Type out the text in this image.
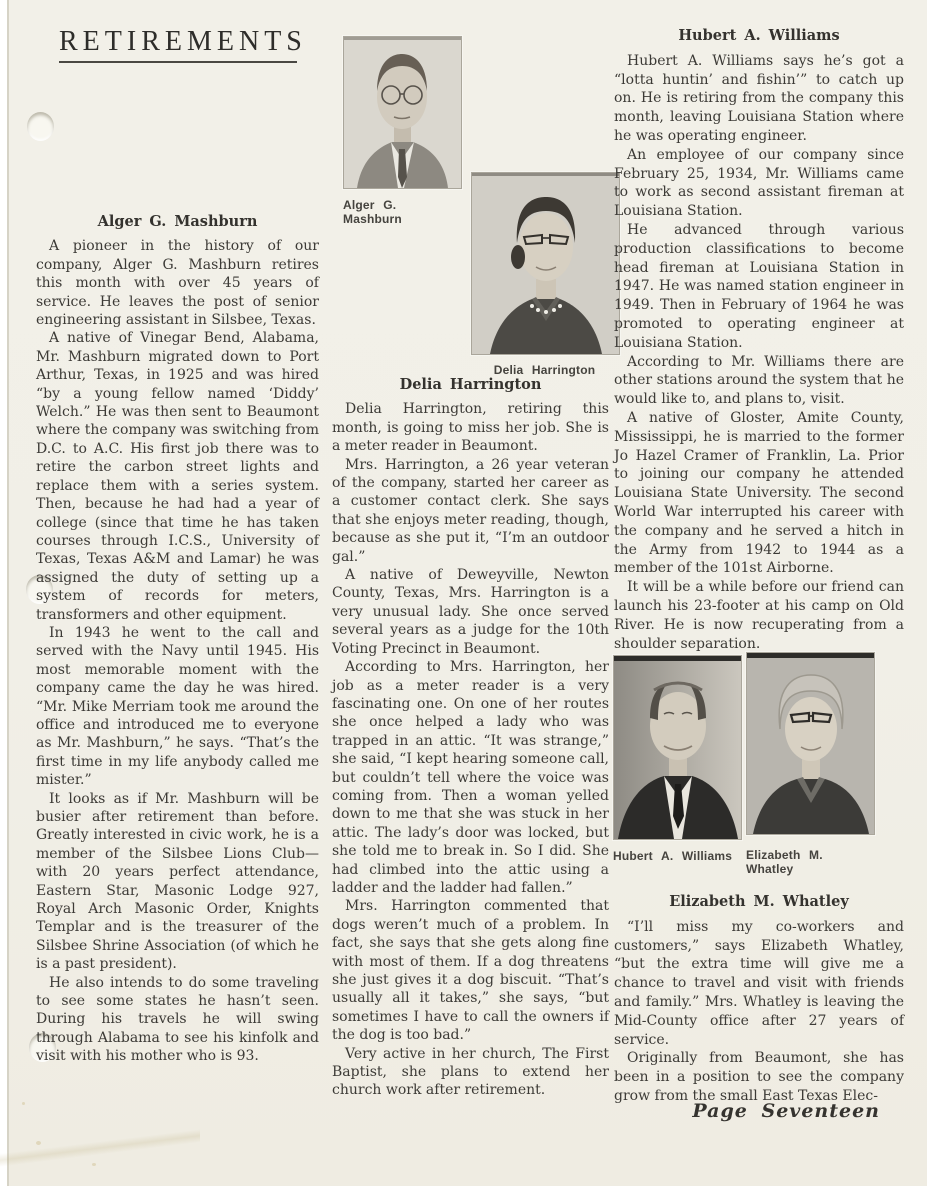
RETIREMENTS

Alger G. Mashburn

A pioneer in the history of our company, Alger G. Mashburn retires this month with over 45 years of service. He leaves the post of senior engineering assistant in Silsbee, Texas.

A native of Vinegar Bend, Alabama, Mr. Mashburn migrated down to Port Arthur, Texas, in 1925 and was hired “by a young fellow named ‘Diddy’ Welch.” He was then sent to Beaumont where the company was switching from D.C. to A.C. His first job there was to retire the carbon street lights and replace them with a series system. Then, because he had had a year of college (since that time he has taken courses through I.C.S., University of Texas, Texas A&M and Lamar) he was assigned the duty of setting up a system of records for meters, transformers and other equipment.

In 1943 he went to the call and served with the Navy until 1945. His most memorable moment with the company came the day he was hired. “Mr. Mike Merriam took me around the office and introduced me to everyone as Mr. Mashburn,” he says. “That’s the first time in my life anybody called me mister.”

It looks as if Mr. Mashburn will be busier after retirement than before. Greatly interested in civic work, he is a member of the Silsbee Lions Club—with 20 years perfect attendance, Eastern Star, Masonic Lodge 927, Royal Arch Masonic Order, Knights Templar and is the treasurer of the Silsbee Shrine Association (of which he is a past president).

He also intends to do some traveling to see some states he hasn’t seen. During his travels he will swing through Alabama to see his kinfolk and visit with his mother who is 93.

Alger G. Mashburn
Delia Harrington

Delia Harrington

Delia Harrington, retiring this month, is going to miss her job. She is a meter reader in Beaumont.

Mrs. Harrington, a 26 year veteran of the company, started her career as a customer contact clerk. She says that she enjoys meter reading, though, because as she put it, “I’m an outdoor gal.”

A native of Deweyville, Newton County, Texas, Mrs. Harrington is a very unusual lady. She once served several years as a judge for the 10th Voting Precinct in Beaumont.

According to Mrs. Harrington, her job as a meter reader is a very fascinating one. On one of her routes she once helped a lady who was trapped in an attic. “It was strange,” she said, “I kept hearing someone call, but couldn’t tell where the voice was coming from. Then a woman yelled down to me that she was stuck in her attic. The lady’s door was locked, but she told me to break in. So I did. She had climbed into the attic using a ladder and the ladder had fallen.”

Mrs. Harrington commented that dogs weren’t much of a problem. In fact, she says that she gets along fine with most of them. If a dog threatens she just gives it a dog biscuit. “That’s usually all it takes,” she says, “but sometimes I have to call the owners if the dog is too bad.”

Very active in her church, The First Baptist, she plans to extend her church work after retirement.

Hubert A. Williams

Hubert A. Williams says he’s got a “lotta huntin’ and fishin’” to catch up on. He is retiring from the company this month, leaving Louisiana Station where he was operating engineer.

An employee of our company since February 25, 1934, Mr. Williams came to work as second assistant fireman at Louisiana Station.

He advanced through various production classifications to become head fireman at Louisiana Station in 1947. He was named station engineer in 1949. Then in February of 1964 he was promoted to operating engineer at Louisiana Station.

According to Mr. Williams there are other stations around the system that he would like to, and plans to, visit.

A native of Gloster, Amite County, Mississippi, he is married to the former Jo Hazel Cramer of Franklin, La. Prior to joining our company he attended Louisiana State University. The second World War interrupted his career with the company and he served a hitch in the Army from 1942 to 1944 as a member of the 101st Airborne.

It will be a while before our friend can launch his 23-footer at his camp on Old River. He is now recuperating from a shoulder separation.

Hubert A. Williams	Elizabeth M. Whatley

Elizabeth M. Whatley

“I’ll miss my co-workers and customers,” says Elizabeth Whatley, “but the extra time will give me a chance to travel and visit with friends and family.” Mrs. Whatley is leaving the Mid-County office after 27 years of service.

Originally from Beaumont, she has been in a position to see the company grow from the small East Texas Elec-

Page Seventeen
